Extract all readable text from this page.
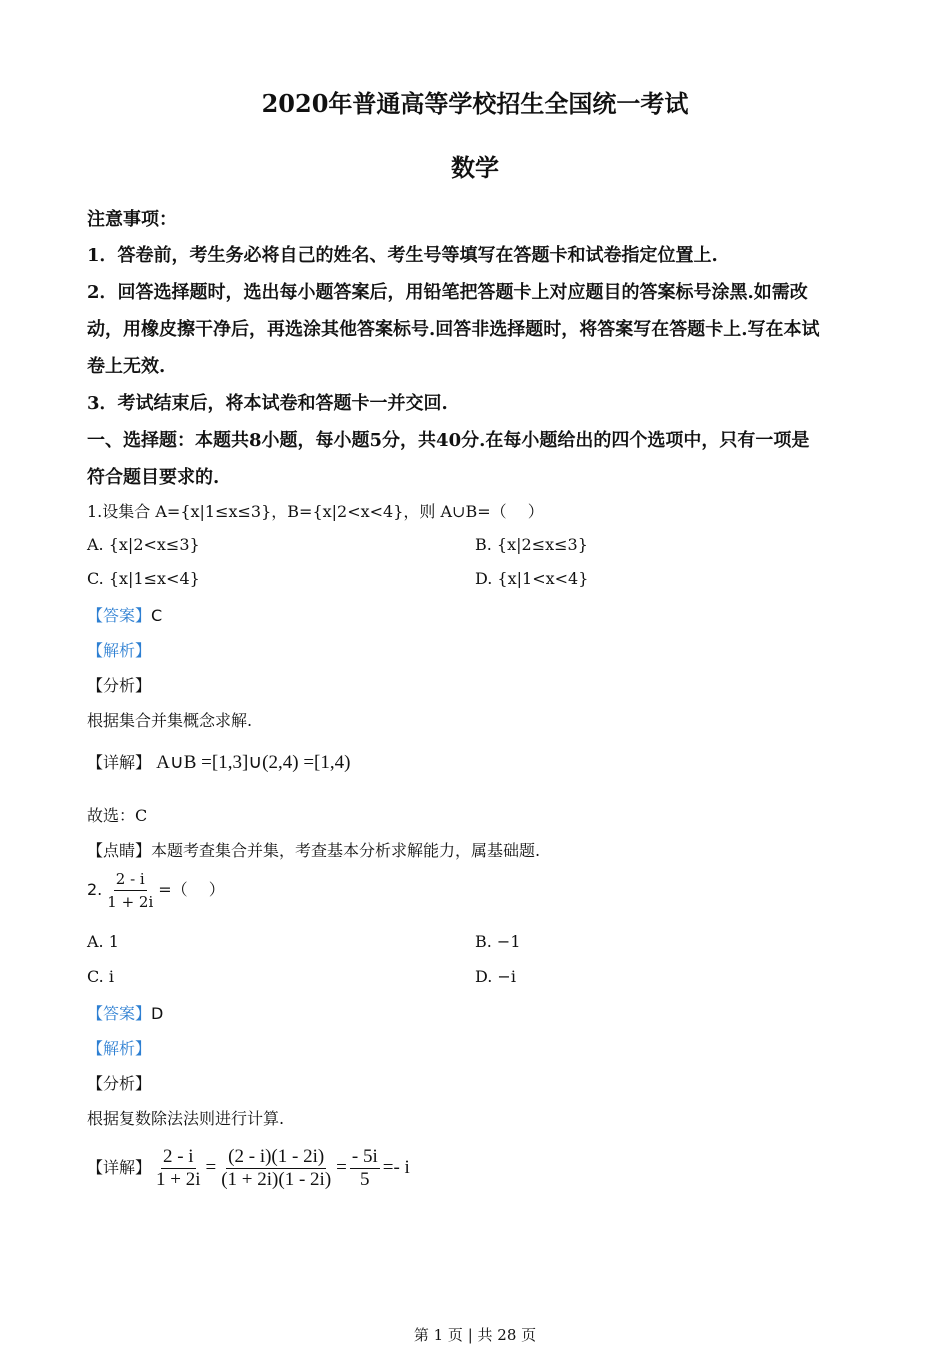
2020年普通高等学校招生全国统一考试
数学
注意事项：
1．答卷前，考生务必将自己的姓名、考生号等填写在答题卡和试卷指定位置上.
2．回答选择题时，选出每小题答案后，用铅笔把答题卡上对应题目的答案标号涂黑.如需改
动，用橡皮擦干净后，再选涂其他答案标号.回答非选择题时，将答案写在答题卡上.写在本试
卷上无效.
3．考试结束后，将本试卷和答题卡一并交回.
一、选择题：本题共8小题，每小题5分，共40分.在每小题给出的四个选项中，只有一项是
符合题目要求的.
1.设集合 A={x|1≤x≤3}，B={x|2<x<4}，则 A∪B=（　 ）
A. {x|2<x≤3}	B. {x|2≤x≤3}
C. {x|1≤x<4}	D. {x|1<x<4}
【答案】C
【解析】
【分析】
根据集合并集概念求解.
【详解】 A∪B =[1,3]∪(2,4) =[1,4)
故选：C
【点睛】本题考查集合并集，考查基本分析求解能力，属基础题.
2. $\frac{2 - i}{1 + 2i}$ =（　 ）
A. 1	B. −1
C. i	D. −i
【答案】D
【解析】
【分析】
根据复数除法法则进行计算.
【详解】 $\frac{2 - i}{1 + 2i} = \frac{(2 - i)(1 - 2i)}{(1 + 2i)(1 - 2i)} = \frac{- 5i}{5} =- i$
第 1 页 | 共 28 页
